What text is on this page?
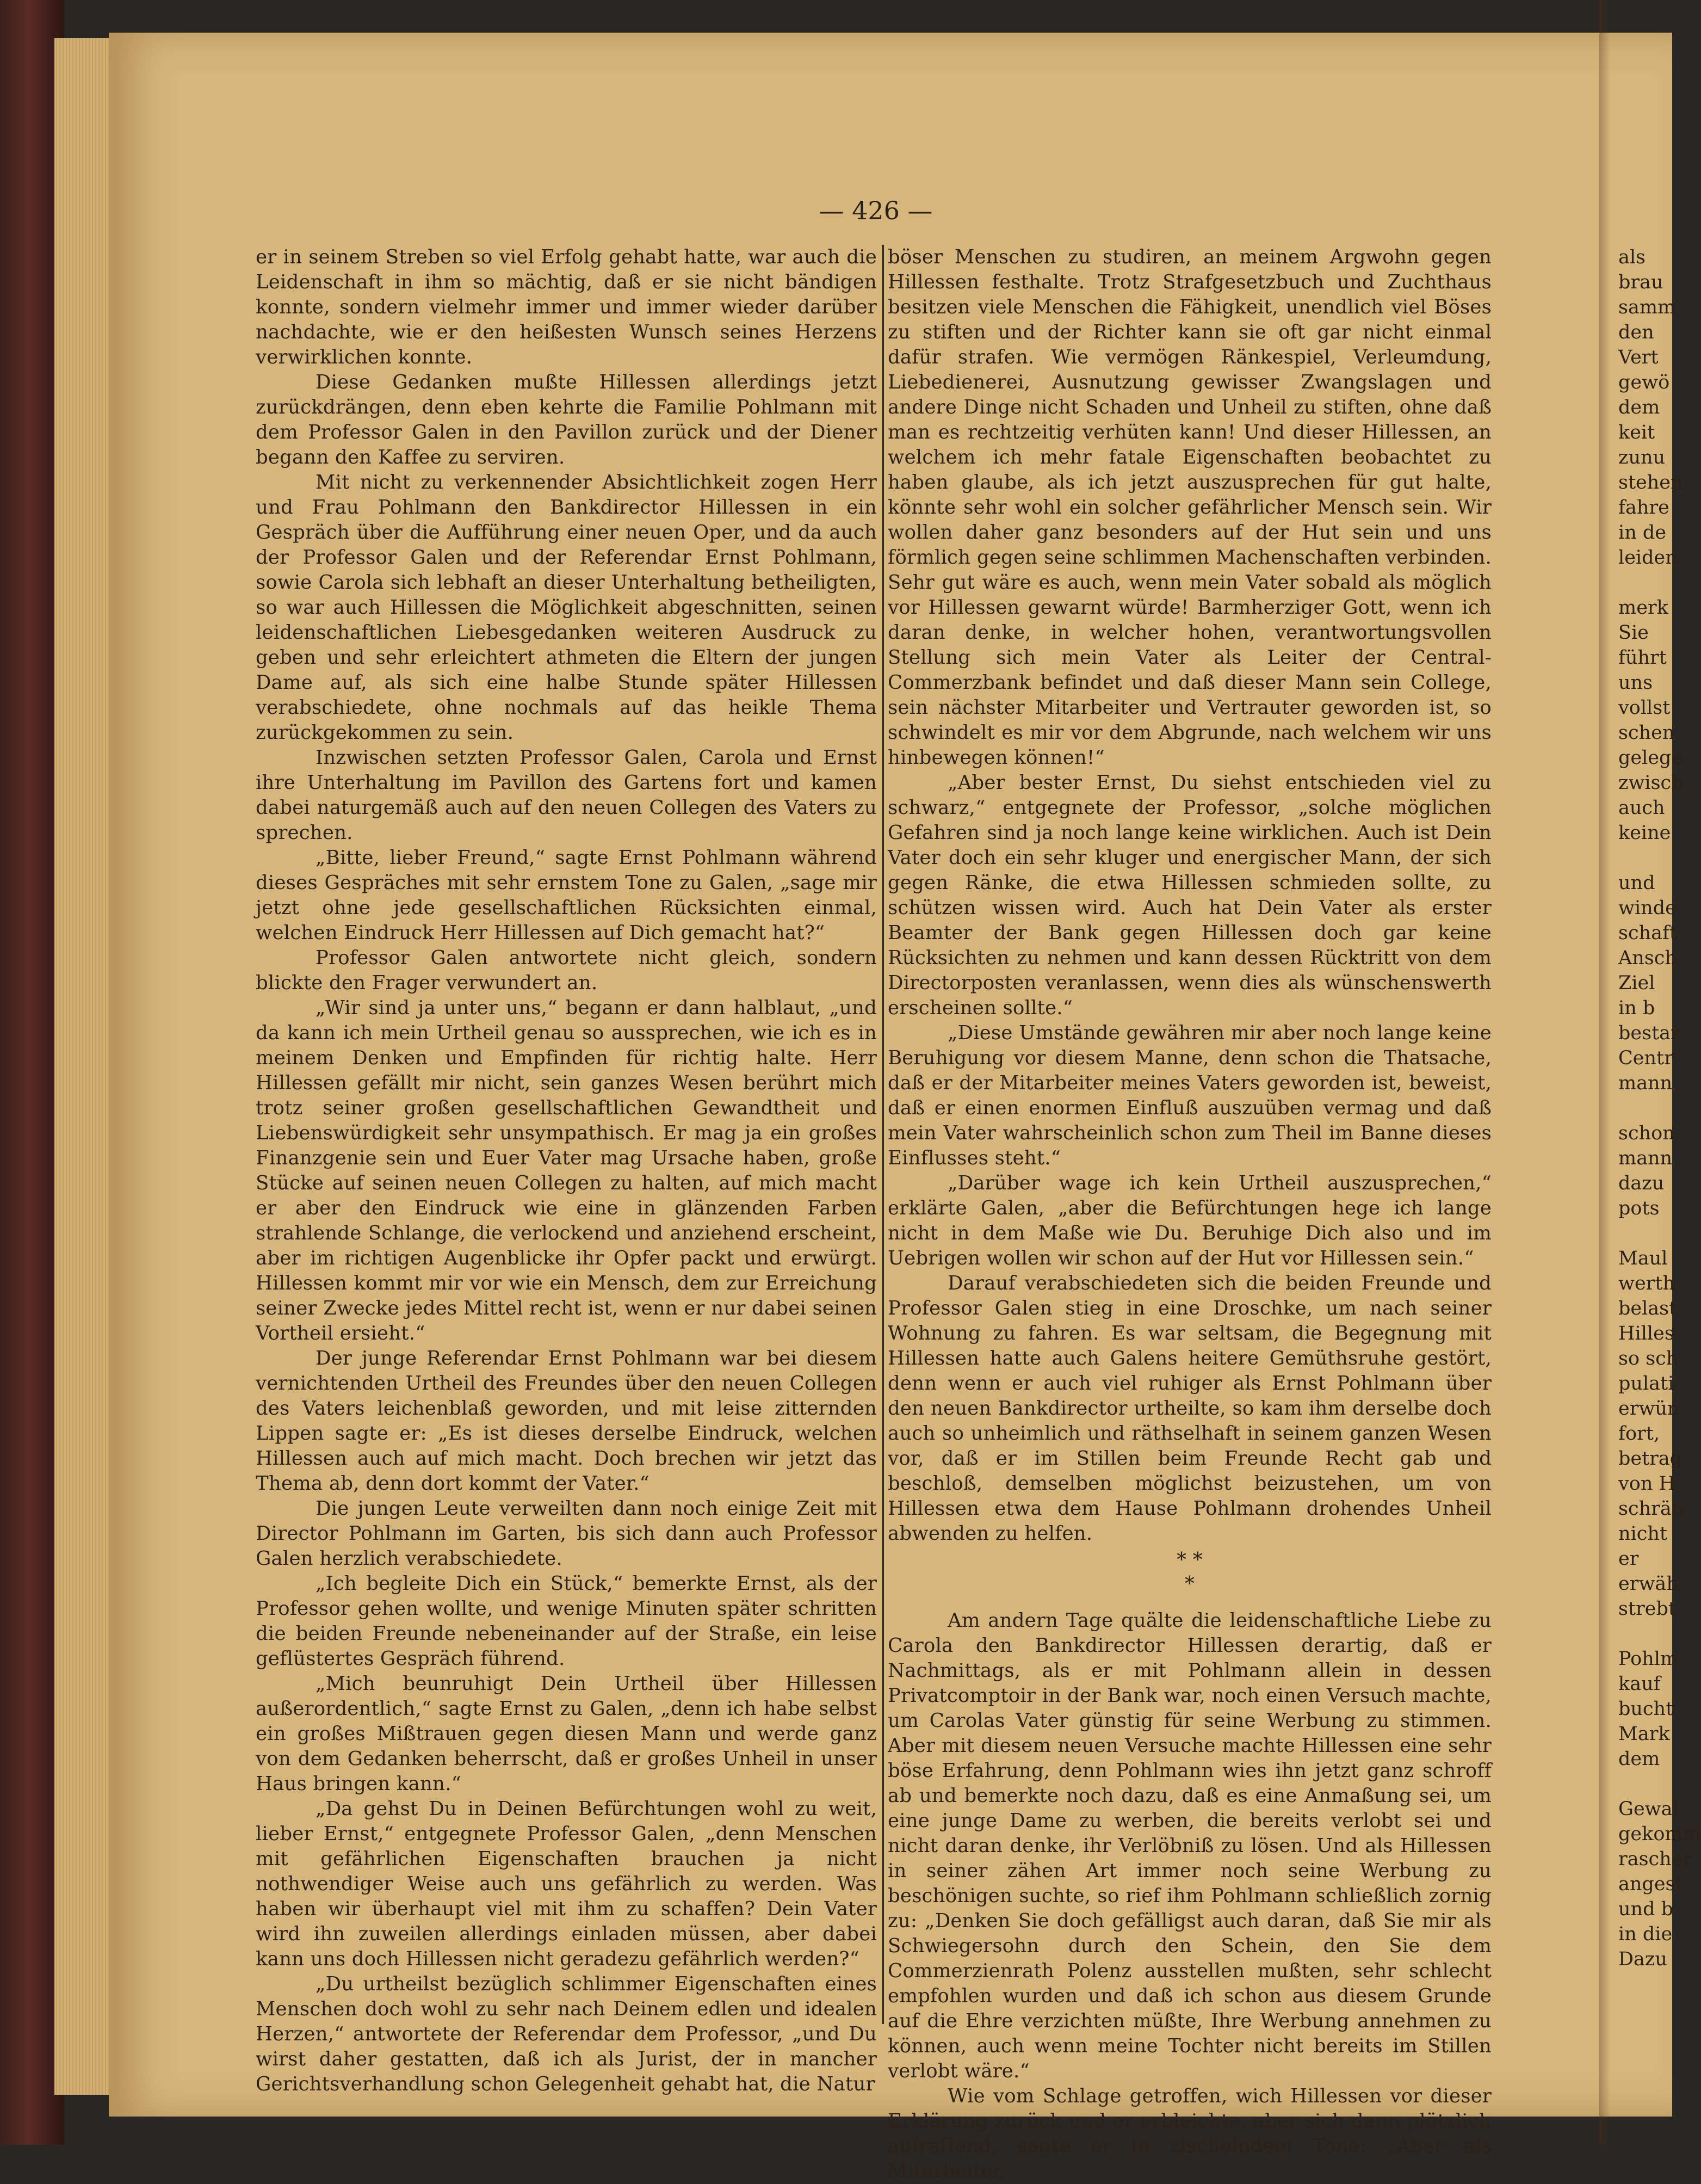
— 426 —

er in seinem Streben so viel Erfolg gehabt hatte, war auch die Leidenschaft in ihm so mächtig, daß er sie nicht bändigen konnte, sondern vielmehr immer und immer wieder darüber nachdachte, wie er den heißesten Wunsch seines Herzens verwirklichen konnte.

Diese Gedanken mußte Hillessen allerdings jetzt zurückdrängen, denn eben kehrte die Familie Pohlmann mit dem Professor Galen in den Pavillon zurück und der Diener begann den Kaffee zu serviren.

Mit nicht zu verkennender Absichtlichkeit zogen Herr und Frau Pohlmann den Bankdirector Hillessen in ein Gespräch über die Aufführung einer neuen Oper, und da auch der Professor Galen und der Referendar Ernst Pohlmann, sowie Carola sich lebhaft an dieser Unterhaltung betheiligten, so war auch Hillessen die Möglichkeit abgeschnitten, seinen leidenschaftlichen Liebesgedanken weiteren Ausdruck zu geben und sehr erleichtert athmeten die Eltern der jungen Dame auf, als sich eine halbe Stunde später Hillessen verabschiedete, ohne nochmals auf das heikle Thema zurückgekommen zu sein.

Inzwischen setzten Professor Galen, Carola und Ernst ihre Unterhaltung im Pavillon des Gartens fort und kamen dabei naturgemäß auch auf den neuen Collegen des Vaters zu sprechen.

„Bitte, lieber Freund,“ sagte Ernst Pohlmann während dieses Gespräches mit sehr ernstem Tone zu Galen, „sage mir jetzt ohne jede gesellschaftlichen Rücksichten einmal, welchen Eindruck Herr Hillessen auf Dich gemacht hat?“

Professor Galen antwortete nicht gleich, sondern blickte den Frager verwundert an.

„Wir sind ja unter uns,“ begann er dann halblaut, „und da kann ich mein Urtheil genau so aussprechen, wie ich es in meinem Denken und Empfinden für richtig halte. Herr Hillessen gefällt mir nicht, sein ganzes Wesen berührt mich trotz seiner großen gesellschaftlichen Gewandtheit und Liebenswürdigkeit sehr unsympathisch. Er mag ja ein großes Finanzgenie sein und Euer Vater mag Ursache haben, große Stücke auf seinen neuen Collegen zu halten, auf mich macht er aber den Eindruck wie eine in glänzenden Farben strahlende Schlange, die verlockend und anziehend erscheint, aber im richtigen Augenblicke ihr Opfer packt und erwürgt. Hillessen kommt mir vor wie ein Mensch, dem zur Erreichung seiner Zwecke jedes Mittel recht ist, wenn er nur dabei seinen Vortheil ersieht.“

Der junge Referendar Ernst Pohlmann war bei diesem vernichtenden Urtheil des Freundes über den neuen Collegen des Vaters leichenblaß geworden, und mit leise zitternden Lippen sagte er: „Es ist dieses derselbe Eindruck, welchen Hillessen auch auf mich macht. Doch brechen wir jetzt das Thema ab, denn dort kommt der Vater.“

Die jungen Leute verweilten dann noch einige Zeit mit Director Pohlmann im Garten, bis sich dann auch Professor Galen herzlich verabschiedete.

„Ich begleite Dich ein Stück,“ bemerkte Ernst, als der Professor gehen wollte, und wenige Minuten später schritten die beiden Freunde nebeneinander auf der Straße, ein leise geflüstertes Gespräch führend.

„Mich beunruhigt Dein Urtheil über Hillessen außerordentlich,“ sagte Ernst zu Galen, „denn ich habe selbst ein großes Mißtrauen gegen diesen Mann und werde ganz von dem Gedanken beherrscht, daß er großes Unheil in unser Haus bringen kann.“

„Da gehst Du in Deinen Befürchtungen wohl zu weit, lieber Ernst,“ entgegnete Professor Galen, „denn Menschen mit gefährlichen Eigenschaften brauchen ja nicht nothwendiger Weise auch uns gefährlich zu werden. Was haben wir überhaupt viel mit ihm zu schaffen? Dein Vater wird ihn zuweilen allerdings einladen müssen, aber dabei kann uns doch Hillessen nicht geradezu gefährlich werden?“

„Du urtheilst bezüglich schlimmer Eigenschaften eines Menschen doch wohl zu sehr nach Deinem edlen und idealen Herzen,“ antwortete der Referendar dem Professor, „und Du wirst daher gestatten, daß ich als Jurist, der in mancher Gerichtsverhandlung schon Gelegenheit gehabt hat, die Natur

böser Menschen zu studiren, an meinem Argwohn gegen Hillessen festhalte. Trotz Strafgesetzbuch und Zuchthaus besitzen viele Menschen die Fähigkeit, unendlich viel Böses zu stiften und der Richter kann sie oft gar nicht einmal dafür strafen. Wie vermögen Ränkespiel, Verleumdung, Liebedienerei, Ausnutzung gewisser Zwangslagen und andere Dinge nicht Schaden und Unheil zu stiften, ohne daß man es rechtzeitig verhüten kann! Und dieser Hillessen, an welchem ich mehr fatale Eigenschaften beobachtet zu haben glaube, als ich jetzt auszusprechen für gut halte, könnte sehr wohl ein solcher gefährlicher Mensch sein. Wir wollen daher ganz besonders auf der Hut sein und uns förmlich gegen seine schlimmen Machenschaften verbinden. Sehr gut wäre es auch, wenn mein Vater sobald als möglich vor Hillessen gewarnt würde! Barmherziger Gott, wenn ich daran denke, in welcher hohen, verantwortungsvollen Stellung sich mein Vater als Leiter der Central-Commerzbank befindet und daß dieser Mann sein College, sein nächster Mitarbeiter und Vertrauter geworden ist, so schwindelt es mir vor dem Abgrunde, nach welchem wir uns hinbewegen können!“

„Aber bester Ernst, Du siehst entschieden viel zu schwarz,“ entgegnete der Professor, „solche möglichen Gefahren sind ja noch lange keine wirklichen. Auch ist Dein Vater doch ein sehr kluger und energischer Mann, der sich gegen Ränke, die etwa Hillessen schmieden sollte, zu schützen wissen wird. Auch hat Dein Vater als erster Beamter der Bank gegen Hillessen doch gar keine Rücksichten zu nehmen und kann dessen Rücktritt von dem Directorposten veranlassen, wenn dies als wünschenswerth erscheinen sollte.“

„Diese Umstände gewähren mir aber noch lange keine Beruhigung vor diesem Manne, denn schon die Thatsache, daß er der Mitarbeiter meines Vaters geworden ist, beweist, daß er einen enormen Einfluß auszuüben vermag und daß mein Vater wahrscheinlich schon zum Theil im Banne dieses Einflusses steht.“

„Darüber wage ich kein Urtheil auszusprechen,“ erklärte Galen, „aber die Befürchtungen hege ich lange nicht in dem Maße wie Du. Beruhige Dich also und im Uebrigen wollen wir schon auf der Hut vor Hillessen sein.“

Darauf verabschiedeten sich die beiden Freunde und Professor Galen stieg in eine Droschke, um nach seiner Wohnung zu fahren. Es war seltsam, die Begegnung mit Hillessen hatte auch Galens heitere Gemüthsruhe gestört, denn wenn er auch viel ruhiger als Ernst Pohlmann über den neuen Bankdirector urtheilte, so kam ihm derselbe doch auch so unheimlich und räthselhaft in seinem ganzen Wesen vor, daß er im Stillen beim Freunde Recht gab und beschloß, demselben möglichst beizustehen, um von Hillessen etwa dem Hause Pohlmann drohendes Unheil abwenden zu helfen.

* *
*

Am andern Tage quälte die leidenschaftliche Liebe zu Carola den Bankdirector Hillessen derartig, daß er Nachmittags, als er mit Pohlmann allein in dessen Privatcomptoir in der Bank war, noch einen Versuch machte, um Carolas Vater günstig für seine Werbung zu stimmen. Aber mit diesem neuen Versuche machte Hillessen eine sehr böse Erfahrung, denn Pohlmann wies ihn jetzt ganz schroff ab und bemerkte noch dazu, daß es eine Anmaßung sei, um eine junge Dame zu werben, die bereits verlobt sei und nicht daran denke, ihr Verlöbniß zu lösen. Und als Hillessen in seiner zähen Art immer noch seine Werbung zu beschönigen suchte, so rief ihm Pohlmann schließlich zornig zu: „Denken Sie doch gefälligst auch daran, daß Sie mir als Schwiegersohn durch den Schein, den Sie dem Commerzienrath Polenz ausstellen mußten, sehr schlecht empfohlen wurden und daß ich schon aus diesem Grunde auf die Ehre verzichten müßte, Ihre Werbung annehmen zu können, auch wenn meine Tochter nicht bereits im Stillen verlobt wäre.“

Wie vom Schlage getroffen, wich Hillessen vor dieser Erklärung zurück und er erbleichte, aber sich dann plötzlich aufraffend, sagte er in zischelndem Tone: „Aber als Mitarbeiter,

als
brau
samm
den
Vert
gewö
dem
keit
zunu
stehen
fahre
in de
leiden
merk
Sie
führt
uns
vollst
schen
gelege
zwisch
auch
keine
und
winde
schaft
Ansch
Ziel
in b
bestar
Centr
mann
schon
mann
dazu
pots
Maul
werth
belast
Hilles
so sch
pulati
erwün
fort,
betrag
von H
schrän
nicht
er
erwäh
strebt
Pohlm
kauf
bucht
Mark
dem
Gewal
gekomm
rascher
angest
und b
in die
Dazu
